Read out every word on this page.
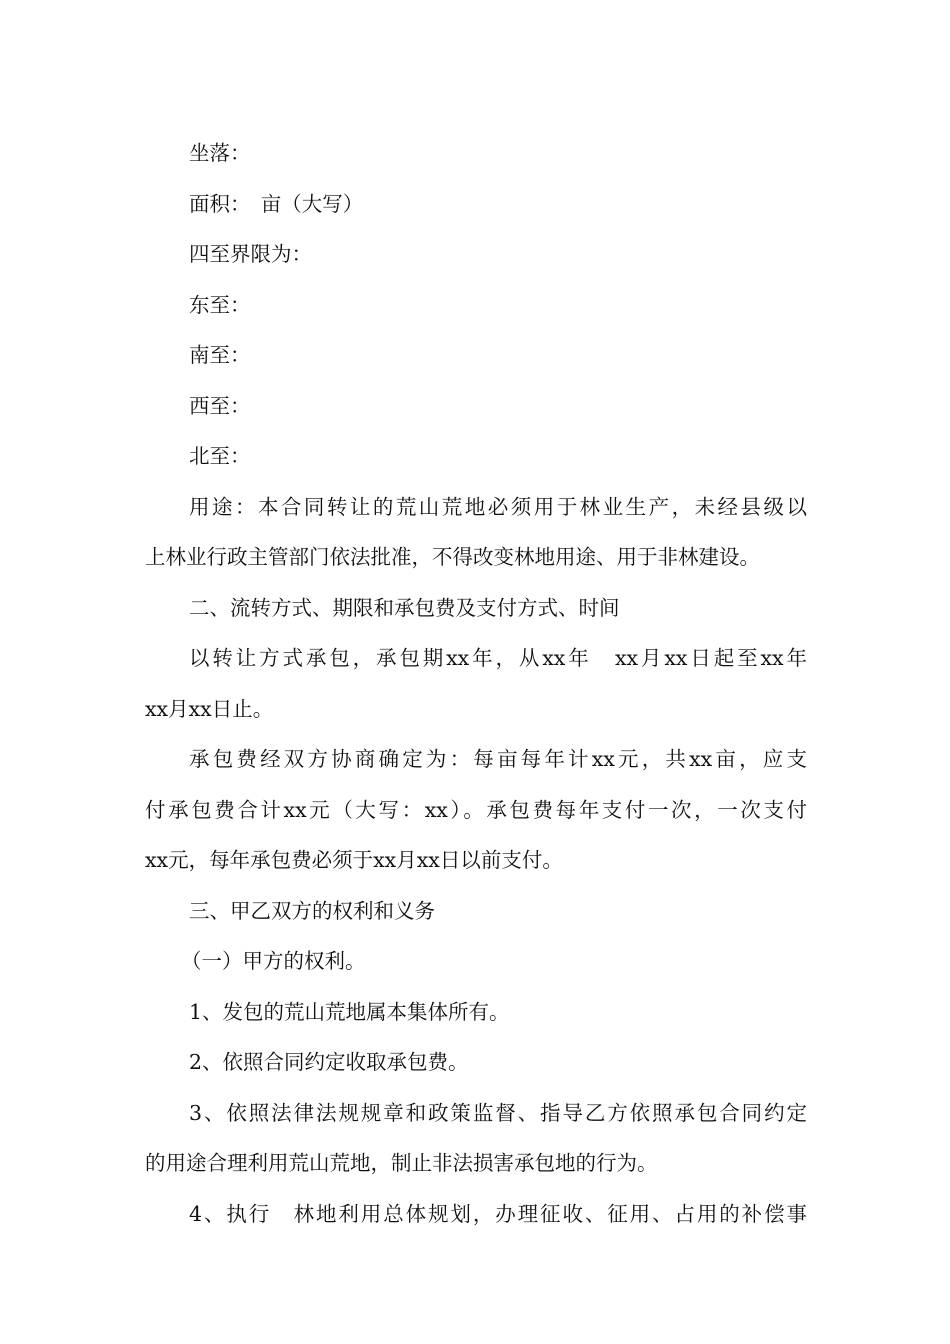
坐落：
面积：　亩（大写）
四至界限为：
东至：
南至：
西至：
北至：
用途：本合同转让的荒山荒地必须用于林业生产，未经县级以
上林业行政主管部门依法批准，不得改变林地用途、用于非林建设。
二、流转方式、期限和承包费及支付方式、时间
以转让方式承包，承包期xx年，从xx年　xx月xx日起至xx年
xx月xx日止。
承包费经双方协商确定为：每亩每年计xx元，共xx亩，应支
付承包费合计xx元（大写：xx）。承包费每年支付一次，一次支付
xx元，每年承包费必须于xx月xx日以前支付。
三、甲乙双方的权利和义务
（一）甲方的权利。
1、发包的荒山荒地属本集体所有。
2、依照合同约定收取承包费。
3、依照法律法规规章和政策监督、指导乙方依照承包合同约定
的用途合理利用荒山荒地，制止非法损害承包地的行为。
4、执行　林地利用总体规划，办理征收、征用、占用的补偿事
